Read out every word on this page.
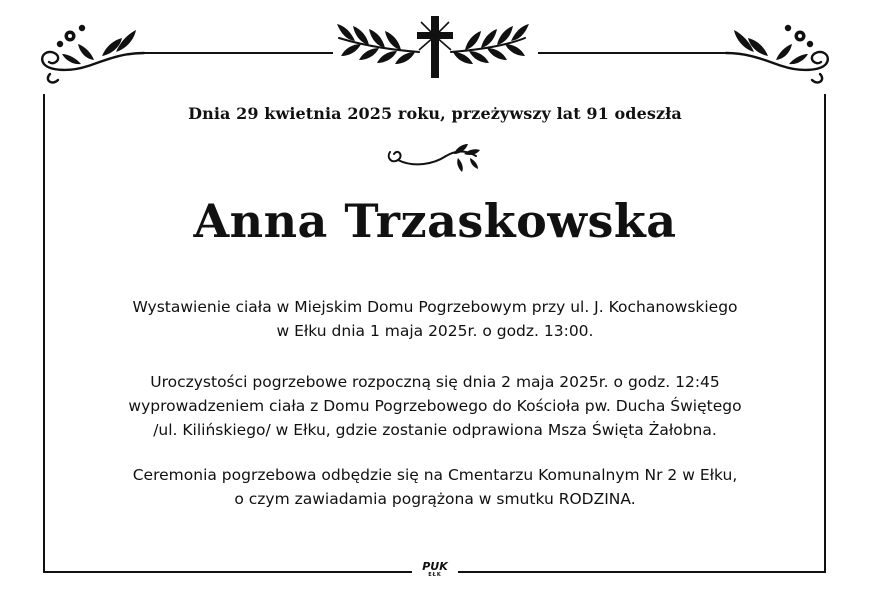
Dnia 29 kwietnia 2025 roku, przeżywszy lat 91 odeszła
Anna Trzaskowska
Wystawienie ciała w Miejskim Domu Pogrzebowym przy ul. J. Kochanowskiego
w Ełku dnia 1 maja 2025r. o godz. 13:00.
Uroczystości pogrzebowe rozpoczną się dnia 2 maja 2025r. o godz. 12:45
wyprowadzeniem ciała z Domu Pogrzebowego do Kościoła pw. Ducha Świętego
/ul. Kilińskiego/ w Ełku, gdzie zostanie odprawiona Msza Święta Żałobna.
Ceremonia pogrzebowa odbędzie się na Cmentarzu Komunalnym Nr 2 w Ełku,
o czym zawiadamia pogrążona w smutku RODZINA.
PUK
EŁK
